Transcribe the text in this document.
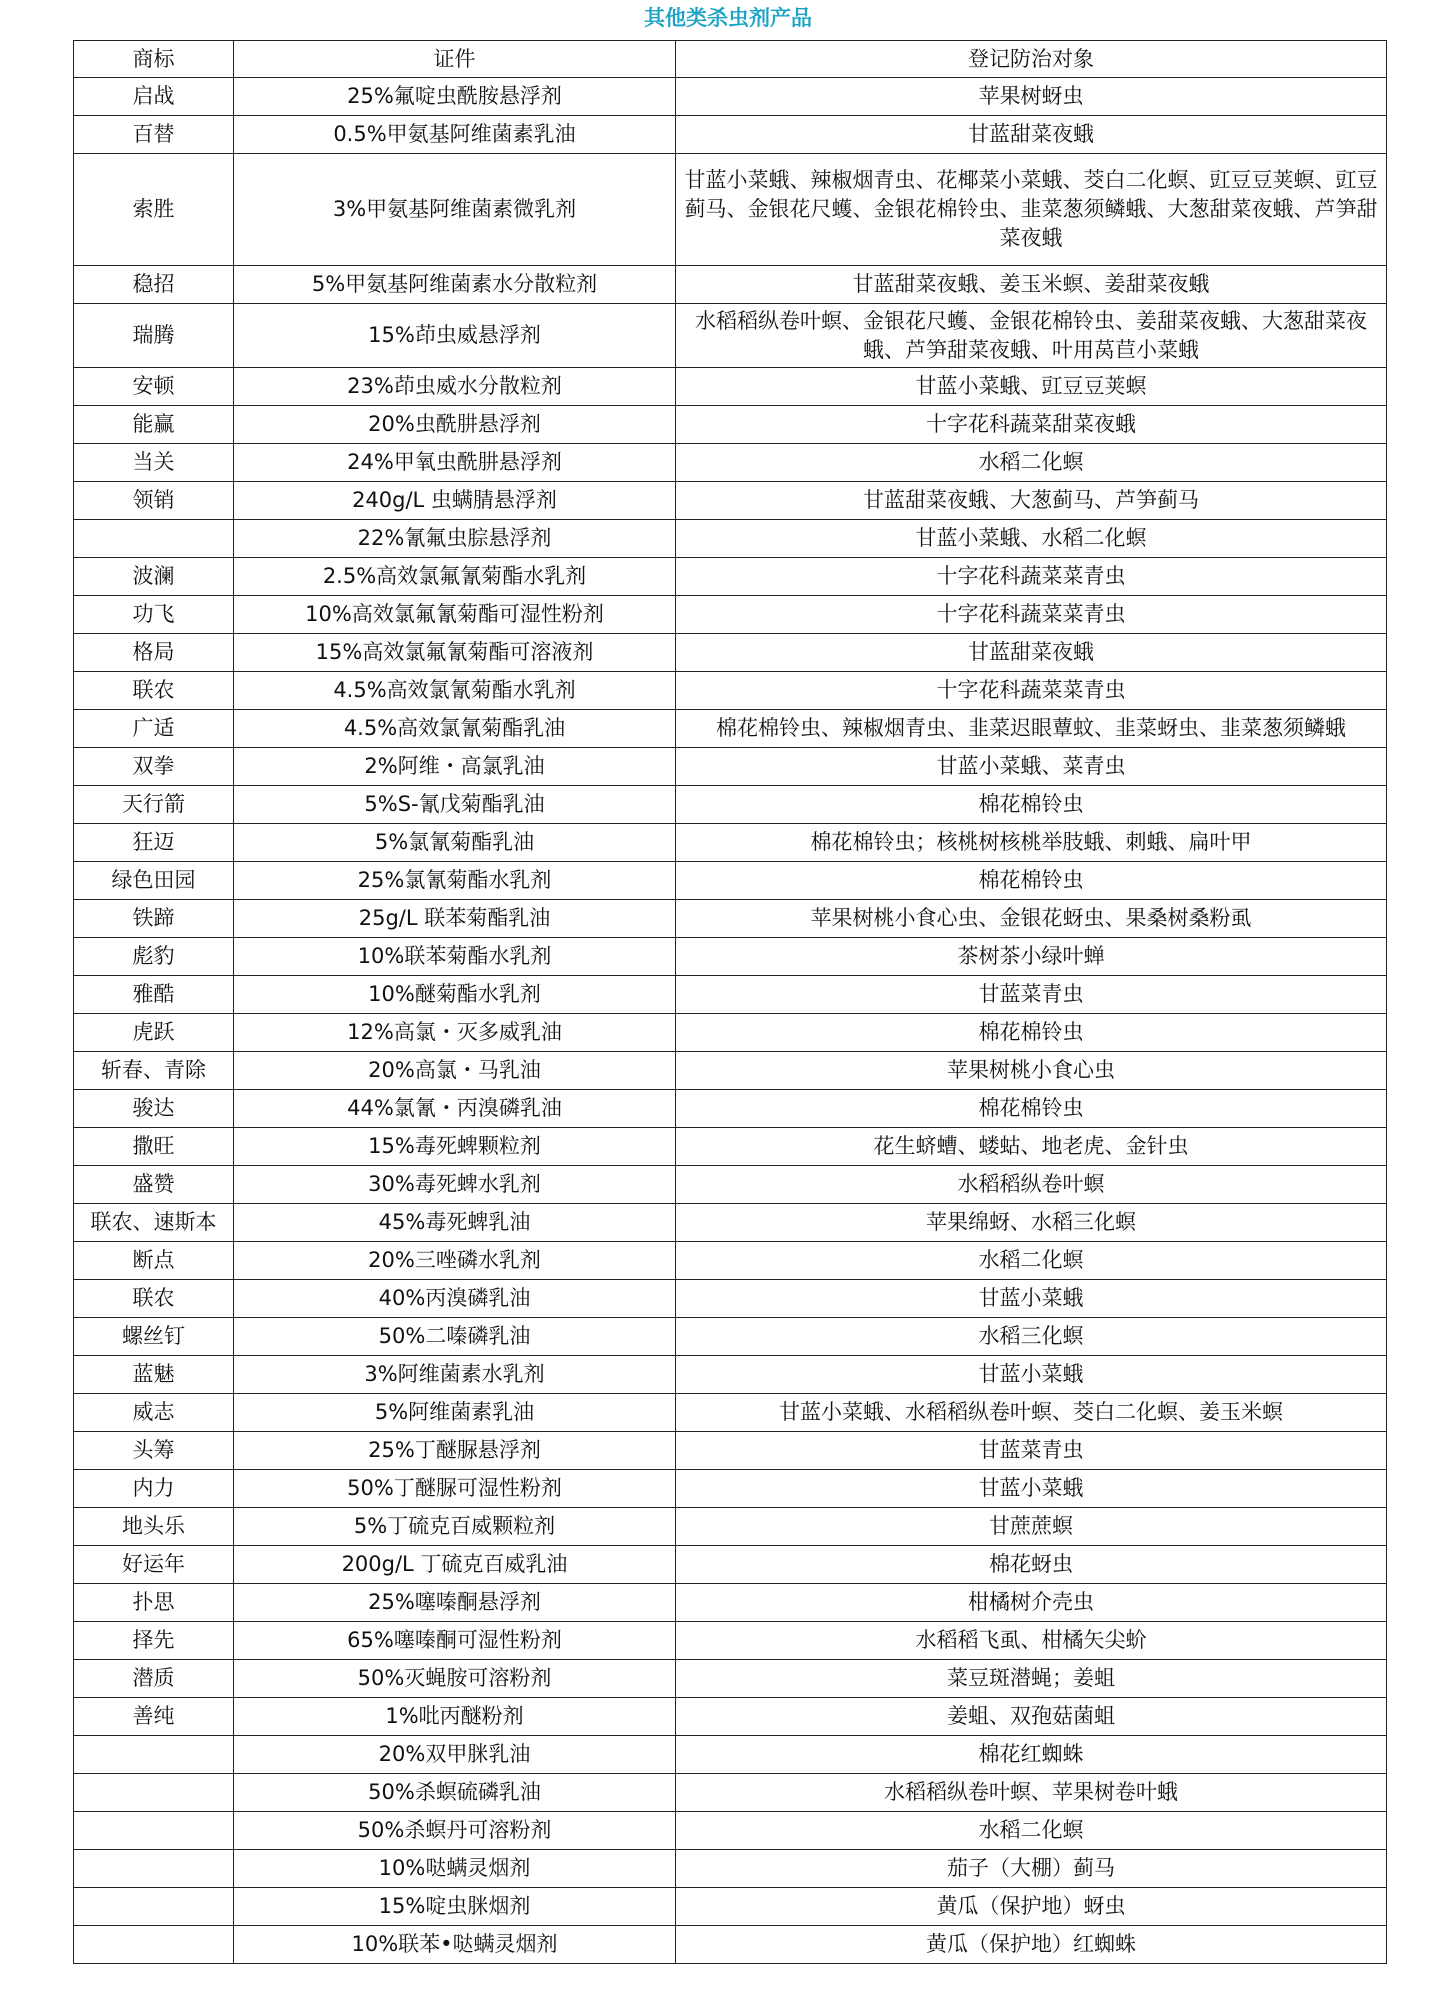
其他类杀虫剂产品
商标	证件	登记防治对象
启战	25%氟啶虫酰胺悬浮剂	苹果树蚜虫
百替	0.5%甲氨基阿维菌素乳油	甘蓝甜菜夜蛾
索胜	3%甲氨基阿维菌素微乳剂	甘蓝小菜蛾、辣椒烟青虫、花椰菜小菜蛾、茭白二化螟、豇豆豆荚螟、豇豆蓟马、金银花尺蠖、金银花棉铃虫、韭菜葱须鳞蛾、大葱甜菜夜蛾、芦笋甜菜夜蛾
稳招	5%甲氨基阿维菌素水分散粒剂	甘蓝甜菜夜蛾、姜玉米螟、姜甜菜夜蛾
瑞腾	15%茚虫威悬浮剂	水稻稻纵卷叶螟、金银花尺蠖、金银花棉铃虫、姜甜菜夜蛾、大葱甜菜夜蛾、芦笋甜菜夜蛾、叶用莴苣小菜蛾
安顿	23%茚虫威水分散粒剂	甘蓝小菜蛾、豇豆豆荚螟
能赢	20%虫酰肼悬浮剂	十字花科蔬菜甜菜夜蛾
当关	24%甲氧虫酰肼悬浮剂	水稻二化螟
领销	240g/L 虫螨腈悬浮剂	甘蓝甜菜夜蛾、大葱蓟马、芦笋蓟马
	22%氰氟虫腙悬浮剂	甘蓝小菜蛾、水稻二化螟
波澜	2.5%高效氯氟氰菊酯水乳剂	十字花科蔬菜菜青虫
功飞	10%高效氯氟氰菊酯可湿性粉剂	十字花科蔬菜菜青虫
格局	15%高效氯氟氰菊酯可溶液剂	甘蓝甜菜夜蛾
联农	4.5%高效氯氰菊酯水乳剂	十字花科蔬菜菜青虫
广适	4.5%高效氯氰菊酯乳油	棉花棉铃虫、辣椒烟青虫、韭菜迟眼蕈蚊、韭菜蚜虫、韭菜葱须鳞蛾
双拳	2%阿维・高氯乳油	甘蓝小菜蛾、菜青虫
天行箭	5%S-氰戊菊酯乳油	棉花棉铃虫
狂迈	5%氯氰菊酯乳油	棉花棉铃虫；核桃树核桃举肢蛾、刺蛾、扁叶甲
绿色田园	25%氯氰菊酯水乳剂	棉花棉铃虫
铁蹄	25g/L 联苯菊酯乳油	苹果树桃小食心虫、金银花蚜虫、果桑树桑粉虱
彪豹	10%联苯菊酯水乳剂	茶树茶小绿叶蝉
雅酷	10%醚菊酯水乳剂	甘蓝菜青虫
虎跃	12%高氯・灭多威乳油	棉花棉铃虫
斩春、青除	20%高氯・马乳油	苹果树桃小食心虫
骏达	44%氯氰・丙溴磷乳油	棉花棉铃虫
撒旺	15%毒死蜱颗粒剂	花生蛴螬、蝼蛄、地老虎、金针虫
盛赞	30%毒死蜱水乳剂	水稻稻纵卷叶螟
联农、速斯本	45%毒死蜱乳油	苹果绵蚜、水稻三化螟
断点	20%三唑磷水乳剂	水稻二化螟
联农	40%丙溴磷乳油	甘蓝小菜蛾
螺丝钉	50%二嗪磷乳油	水稻三化螟
蓝魅	3%阿维菌素水乳剂	甘蓝小菜蛾
威志	5%阿维菌素乳油	甘蓝小菜蛾、水稻稻纵卷叶螟、茭白二化螟、姜玉米螟
头筹	25%丁醚脲悬浮剂	甘蓝菜青虫
内力	50%丁醚脲可湿性粉剂	甘蓝小菜蛾
地头乐	5%丁硫克百威颗粒剂	甘蔗蔗螟
好运年	200g/L 丁硫克百威乳油	棉花蚜虫
扑思	25%噻嗪酮悬浮剂	柑橘树介壳虫
择先	65%噻嗪酮可湿性粉剂	水稻稻飞虱、柑橘矢尖蚧
潜质	50%灭蝇胺可溶粉剂	菜豆斑潜蝇；姜蛆
善纯	1%吡丙醚粉剂	姜蛆、双孢菇菌蛆
	20%双甲脒乳油	棉花红蜘蛛
	50%杀螟硫磷乳油	水稻稻纵卷叶螟、苹果树卷叶蛾
	50%杀螟丹可溶粉剂	水稻二化螟
	10%哒螨灵烟剂	茄子（大棚）蓟马
	15%啶虫脒烟剂	黄瓜（保护地）蚜虫
	10%联苯•哒螨灵烟剂	黄瓜（保护地）红蜘蛛
